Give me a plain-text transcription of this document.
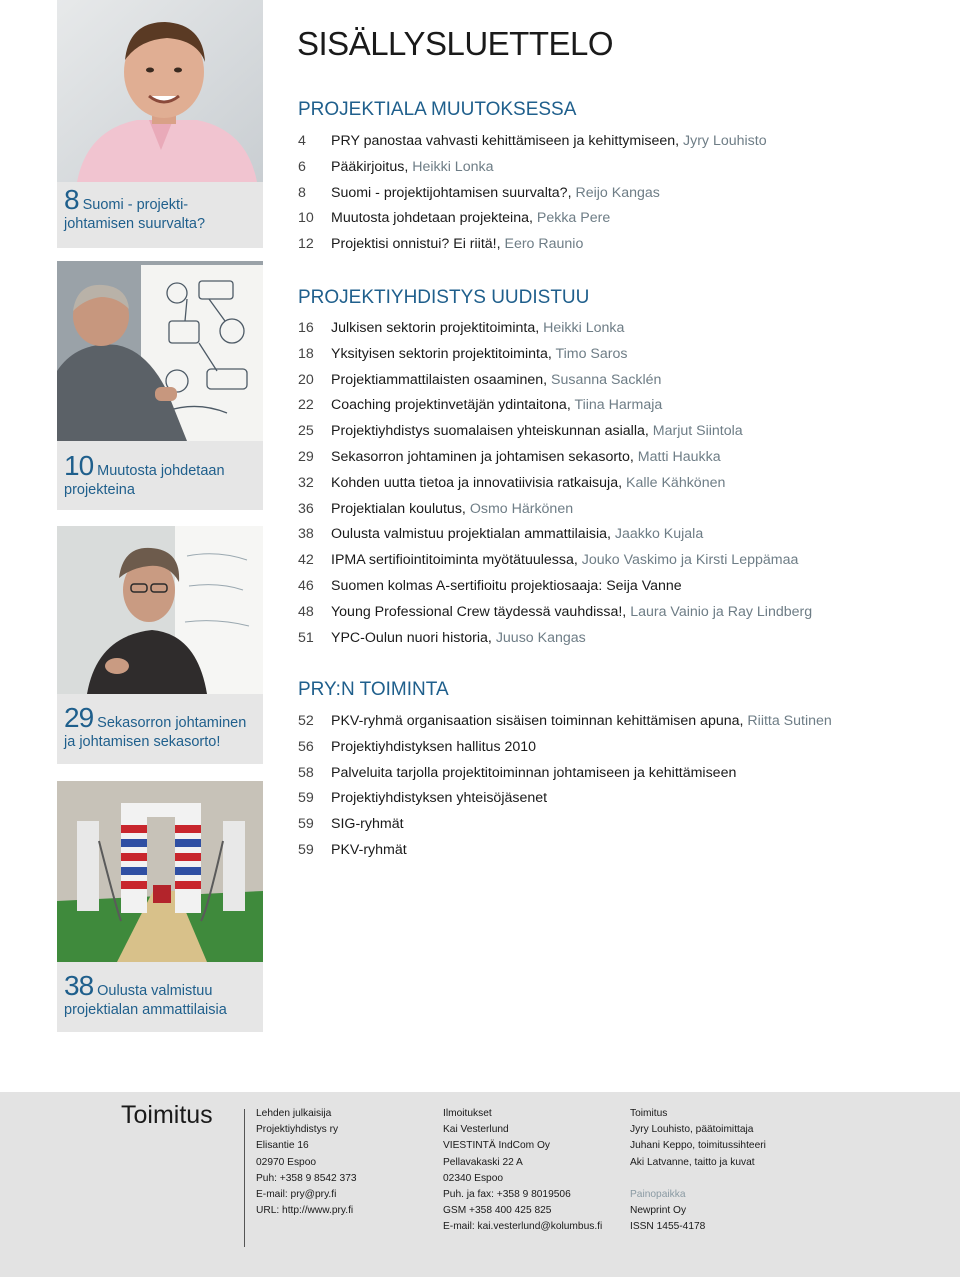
8 Suomi - projekti-johtamisen suurvalta?
10 Muutosta johdetaan projekteina
29 Sekasorron johtaminen ja johtamisen sekasorto!
38 Oulusta valmistuu projektialan ammattilaisia
SISÄLLYSLUETTELO
PROJEKTIALA MUUTOKSESSA
4 PRY panostaa vahvasti kehittämiseen ja kehittymiseen, Jyry Louhisto
6 Pääkirjoitus, Heikki Lonka
8 Suomi - projektijohtamisen suurvalta?, Reijo Kangas
10 Muutosta johdetaan projekteina, Pekka Pere
12 Projektisi onnistui? Ei riitä!, Eero Raunio
PROJEKTIYHDISTYS UUDISTUU
16 Julkisen sektorin projektitoiminta, Heikki Lonka
18 Yksityisen sektorin projektitoiminta, Timo Saros
20 Projektiammattilaisten osaaminen, Susanna Sacklén
22 Coaching projektinvetäjän ydintaitona, Tiina Harmaja
25 Projektiyhdistys suomalaisen yhteiskunnan asialla, Marjut Siintola
29 Sekasorron johtaminen ja johtamisen sekasorto, Matti Haukka
32 Kohden uutta tietoa ja innovatiivisia ratkaisuja, Kalle Kähkönen
36 Projektialan koulutus, Osmo Härkönen
38 Oulusta valmistuu projektialan ammattilaisia, Jaakko Kujala
42 IPMA sertifiointitoiminta myötätuulessa, Jouko Vaskimo ja Kirsti Leppämaa
46 Suomen kolmas A-sertifioitu projektiosaaja: Seija Vanne
48 Young Professional Crew täydessä vauhdissa!, Laura Vainio ja Ray Lindberg
51 YPC-Oulun nuori historia, Juuso Kangas
PRY:N TOIMINTA
52 PKV-ryhmä organisaation sisäisen toiminnan kehittämisen apuna, Riitta Sutinen
56 Projektiyhdistyksen hallitus 2010
58 Palveluita tarjolla projektitoiminnan johtamiseen ja kehittämiseen
59 Projektiyhdistyksen yhteisöjäsenet
59 SIG-ryhmät
59 PKV-ryhmät
Toimitus	Lehden julkaisija
Projektiyhdistys ry
Elisantie 16
02970 Espoo
Puh: +358 9 8542 373
E-mail: pry@pry.fi
URL: http://www.pry.fi
Ilmoitukset
Kai Vesterlund
VIESTINTÄ IndCom Oy
Pellavakaski 22 A
02340 Espoo
Puh. ja fax: +358 9 8019506
GSM +358 400 425 825
E-mail: kai.vesterlund@kolumbus.fi
Toimitus
Jyry Louhisto, päätoimittaja
Juhani Keppo, toimitussihteeri
Aki Latvanne, taitto ja kuvat
Painopaikka
Newprint Oy
ISSN 1455-4178
